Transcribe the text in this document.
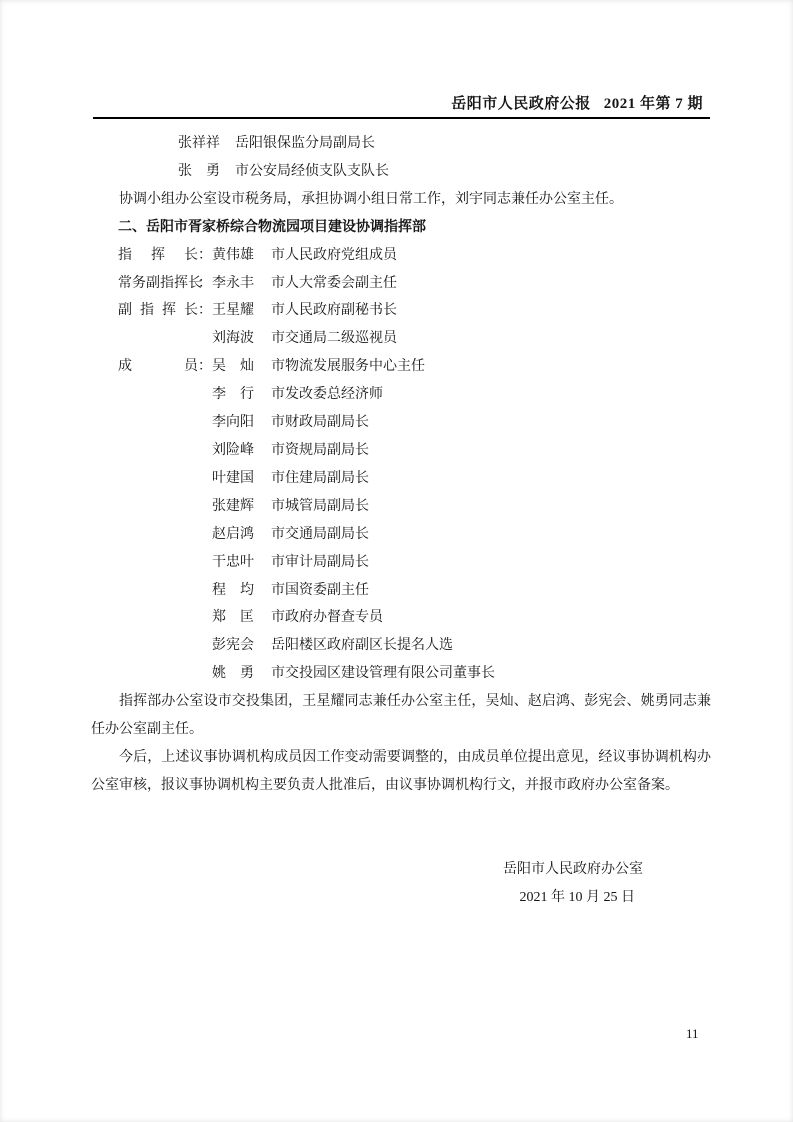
岳阳市人民政府公报 2021 年第 7 期
张祥祥 岳阳银保监分局副局长
张勇 市公安局经侦支队支队长
协调小组办公室设市税务局，承担协调小组日常工作，刘宇同志兼任办公室主任。
二、岳阳市胥家桥综合物流园项目建设协调指挥部
指挥长：黄伟雄 市人民政府党组成员
常务副指挥长：李永丰 市人大常委会副主任
副指挥长：王星耀 市人民政府副秘书长
刘海波 市交通局二级巡视员
成员：吴灿 市物流发展服务中心主任
李行 市发改委总经济师
李向阳 市财政局副局长
刘险峰 市资规局副局长
叶建国 市住建局副局长
张建辉 市城管局副局长
赵启鸿 市交通局副局长
干忠叶 市审计局副局长
程均 市国资委副主任
郑匡 市政府办督查专员
彭宪会 岳阳楼区政府副区长提名人选
姚勇 市交投园区建设管理有限公司董事长
指挥部办公室设市交投集团，王星耀同志兼任办公室主任，吴灿、赵启鸿、彭宪会、姚勇同志兼任办公室副主任。
今后，上述议事协调机构成员因工作变动需要调整的，由成员单位提出意见，经议事协调机构办公室审核，报议事协调机构主要负责人批准后，由议事协调机构行文，并报市政府办公室备案。
岳阳市人民政府办公室
2021 年 10 月 25 日
11
